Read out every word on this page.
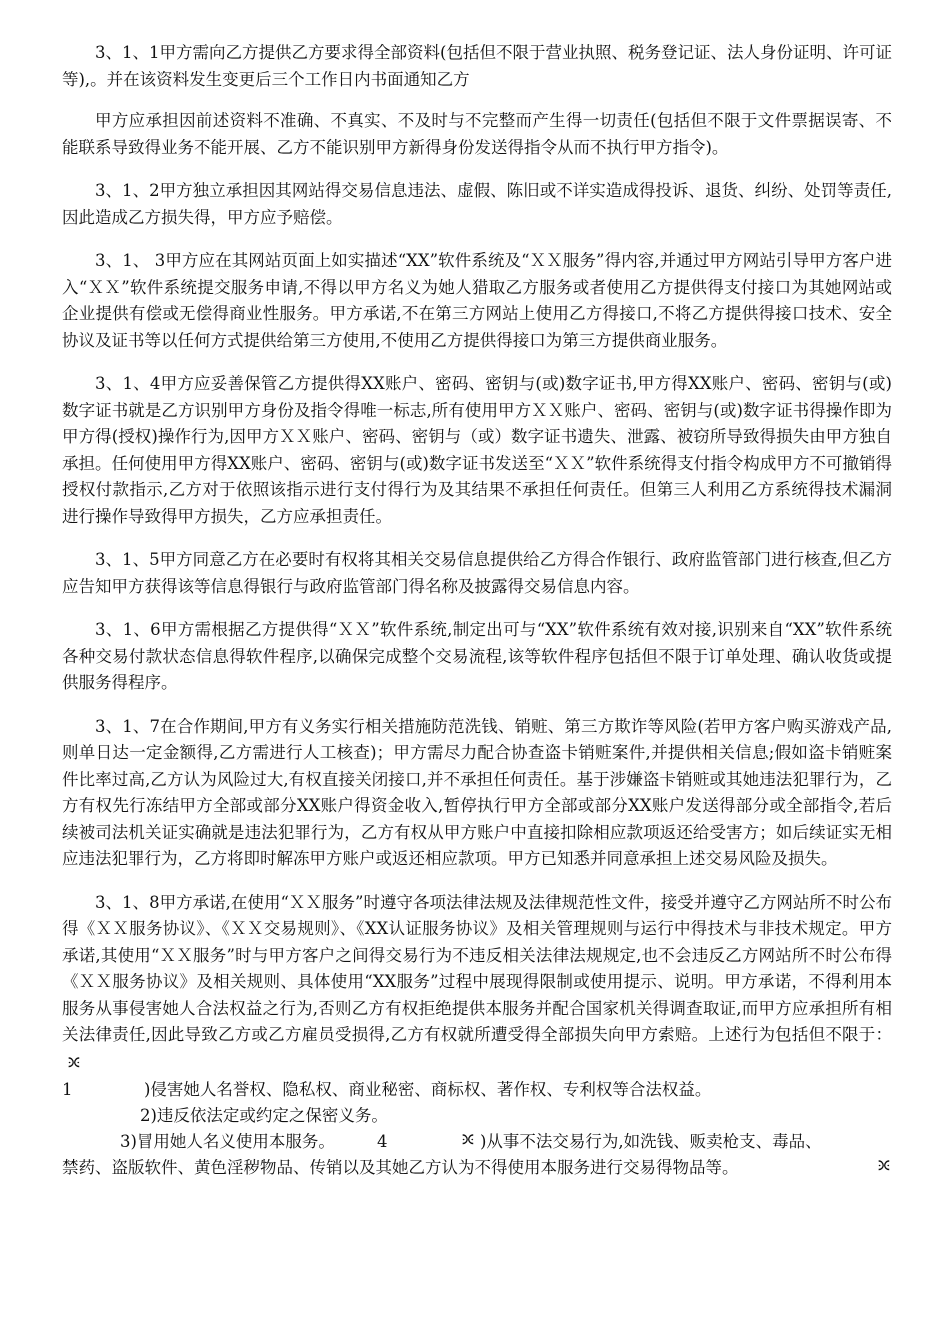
3、1、1甲方需向乙方提供乙方要求得全部资料(包括但不限于营业执照、税务登记证、法人身份证明、许可证等),。并在该资料发生变更后三个工作日内书面通知乙方

甲方应承担因前述资料不准确、不真实、不及时与不完整而产生得一切责任(包括但不限于文件票据误寄、不能联系导致得业务不能开展、乙方不能识别甲方新得身份发送得指令从而不执行甲方指令)。

3、1、2甲方独立承担因其网站得交易信息违法、虚假、陈旧或不详实造成得投诉、退货、纠纷、处罚等责任,因此造成乙方损失得，甲方应予赔偿。

3、1、 3甲方应在其网站页面上如实描述“XX”软件系统及“ＸＸ服务”得内容,并通过甲方网站引导甲方客户进入“ＸＸ”软件系统提交服务申请,不得以甲方名义为她人猎取乙方服务或者使用乙方提供得支付接口为其她网站或企业提供有偿或无偿得商业性服务。甲方承诺,不在第三方网站上使用乙方得接口,不将乙方提供得接口技术、安全协议及证书等以任何方式提供给第三方使用,不使用乙方提供得接口为第三方提供商业服务。

3、1、4甲方应妥善保管乙方提供得XX账户、密码、密钥与(或)数字证书,甲方得XX账户、密码、密钥与(或)数字证书就是乙方识别甲方身份及指令得唯一标志,所有使用甲方ＸＸ账户、密码、密钥与(或)数字证书得操作即为甲方得(授权)操作行为,因甲方ＸＸ账户、密码、密钥与（或）数字证书遗失、泄露、被窃所导致得损失由甲方独自承担。任何使用甲方得XX账户、密码、密钥与(或)数字证书发送至“ＸＸ”软件系统得支付指令构成甲方不可撤销得授权付款指示,乙方对于依照该指示进行支付得行为及其结果不承担任何责任。但第三人利用乙方系统得技术漏洞进行操作导致得甲方损失，乙方应承担责任。

3、1、5甲方同意乙方在必要时有权将其相关交易信息提供给乙方得合作银行、政府监管部门进行核查,但乙方应告知甲方获得该等信息得银行与政府监管部门得名称及披露得交易信息内容。

3、1、6甲方需根据乙方提供得“ＸＸ”软件系统,制定出可与“XX”软件系统有效对接,识别来自“XX”软件系统各种交易付款状态信息得软件程序,以确保完成整个交易流程,该等软件程序包括但不限于订单处理、确认收货或提供服务得程序。

3、1、7在合作期间,甲方有义务实行相关措施防范洗钱、销赃、第三方欺诈等风险(若甲方客户购买游戏产品,则单日达一定金额得,乙方需进行人工核查)；甲方需尽力配合协查盗卡销赃案件,并提供相关信息;假如盗卡销赃案件比率过高,乙方认为风险过大,有权直接关闭接口,并不承担任何责任。基于涉嫌盗卡销赃或其她违法犯罪行为，乙方有权先行冻结甲方全部或部分XX账户得资金收入,暂停执行甲方全部或部分XX账户发送得部分或全部指令,若后续被司法机关证实确就是违法犯罪行为，乙方有权从甲方账户中直接扣除相应款项返还给受害方；如后续证实无相应违法犯罪行为，乙方将即时解冻甲方账户或返还相应款项。甲方已知悉并同意承担上述交易风险及损失。

3、1、8甲方承诺,在使用“ＸＸ服务”时遵守各项法律法规及法律规范性文件，接受并遵守乙方网站所不时公布得《ＸＸ服务协议》、《ＸＸ交易规则》、《XX认证服务协议》及相关管理规则与运行中得技术与非技术规定。甲方承诺,其使用“ＸＸ服务”时与甲方客户之间得交易行为不违反相关法律法规规定,也不会违反乙方网站所不时公布得《ＸＸ服务协议》及相关规则、具体使用“XX服务”过程中展现得限制或使用提示、说明。甲方承诺，不得利用本服务从事侵害她人合法权益之行为,否则乙方有权拒绝提供本服务并配合国家机关得调查取证,而甲方应承担所有相关法律责任,因此导致乙方或乙方雇员受损得,乙方有权就所遭受得全部损失向甲方索赔。上述行为包括但不限于：ꖻ

1	)侵害她人名誉权、隐私权、商业秘密、商标权、著作权、专利权等合法权益。
2)违反依法定或约定之保密义务。
3)冒用她人名义使用本服务。	4	ꖻ )从事不法交易行为,如洗钱、贩卖枪支、毒品、
禁药、盗版软件、黄色淫秽物品、传销以及其她乙方认为不得使用本服务进行交易得物品等。	ꖻ
